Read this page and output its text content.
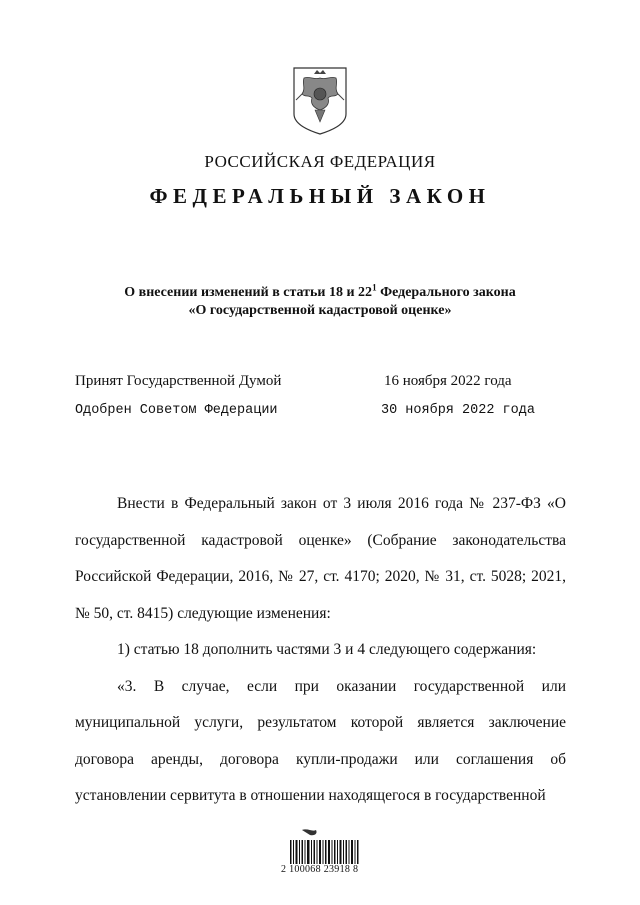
РОССИЙСКАЯ ФЕДЕРАЦИЯ
ФЕДЕРАЛЬНЫЙ ЗАКОН
О внесении изменений в статьи 18 и $22^1$ Федерального закона
«О государственной кадастровой оценке»
Принят Государственной Думой	16 ноября 2022 года
Одобрен Советом Федерации	30 ноября 2022 года

Внести в Федеральный закон от 3 июля 2016 года № 237-ФЗ «О государственной кадастровой оценке» (Собрание законодательства Российской Федерации, 2016, № 27, ст. 4170; 2020, № 31, ст. 5028; 2021, № 50, ст. 8415) следующие изменения:

1) статью 18 дополнить частями 3 и 4 следующего содержания:

«3. В случае, если при оказании государственной или муниципальной услуги, результатом которой является заключение договора аренды, договора купли-продажи или соглашения об установлении сервитута в отношении находящегося в государственной

2 100068 23918 8
